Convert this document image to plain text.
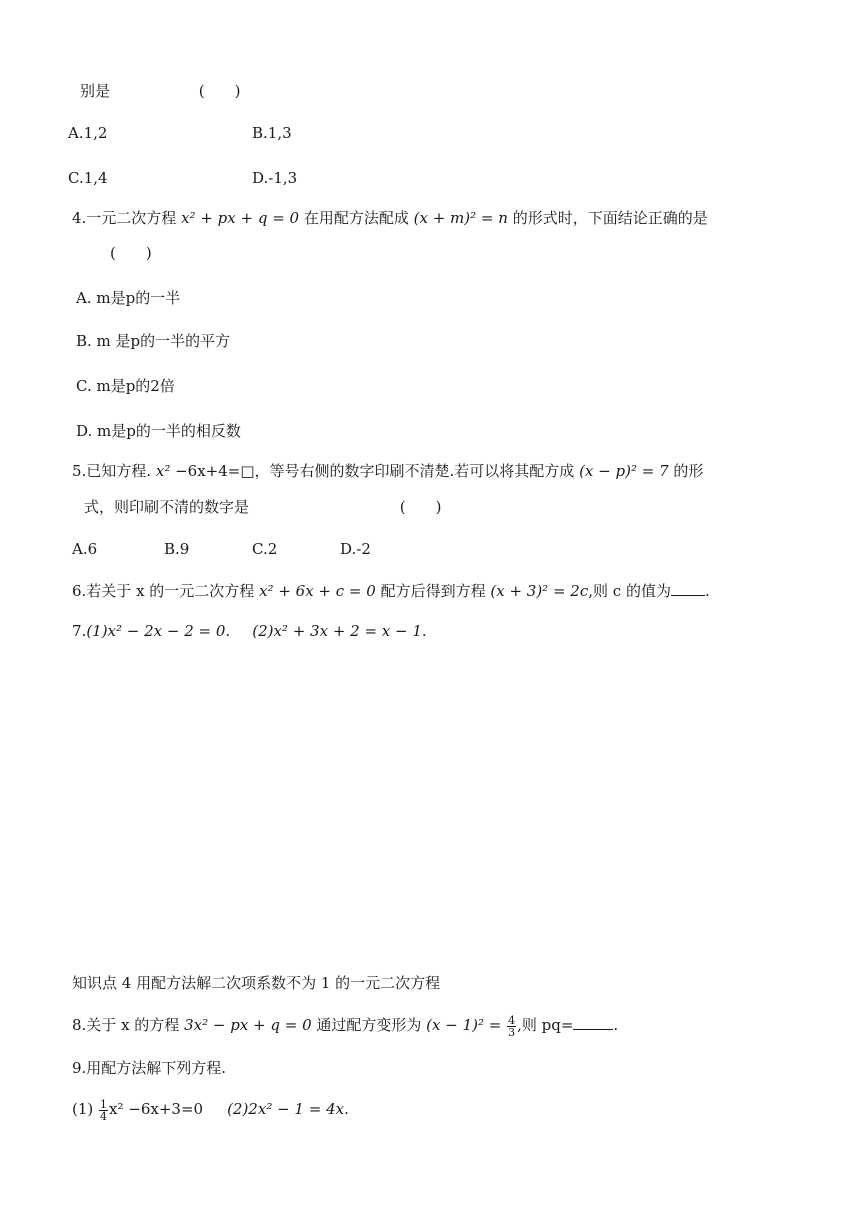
别是	(　　)
A.1,2	B.1,3
C.1,4	D.-1,3
4.一元二次方程 x² + px + q = 0 在用配方法配成 (x + m)² = n 的形式时，下面结论正确的是
(　　)
A. m是p的一半
B. m 是p的一半的平方
C. m是p的2倍
D. m是p的一半的相反数
5.已知方程. x² −6x+4=□，等号右侧的数字印刷不清楚.若可以将其配方成 (x − p)² = 7 的形
式，则印刷不清的数字是	(　　)
A.6	B.9	C.2	D.-2
6.若关于 x 的一元二次方程 x² + 6x + c = 0 配方后得到方程 (x + 3)² = 2c,则 c 的值为 .
7.(1)x² − 2x − 2 = 0. (2)x² + 3x + 2 = x − 1.
知识点 4 用配方法解二次项系数不为 1 的一元二次方程
8.关于 x 的方程 3x² − px + q = 0 通过配方变形为 $(x - 1)^2 = \frac{4}{3}$ ,则 pq=	.
9.用配方法解下列方程.
$(1) \frac{1}{4} x^2 -6x+3=0$ (2)2x² − 1 = 4x.
